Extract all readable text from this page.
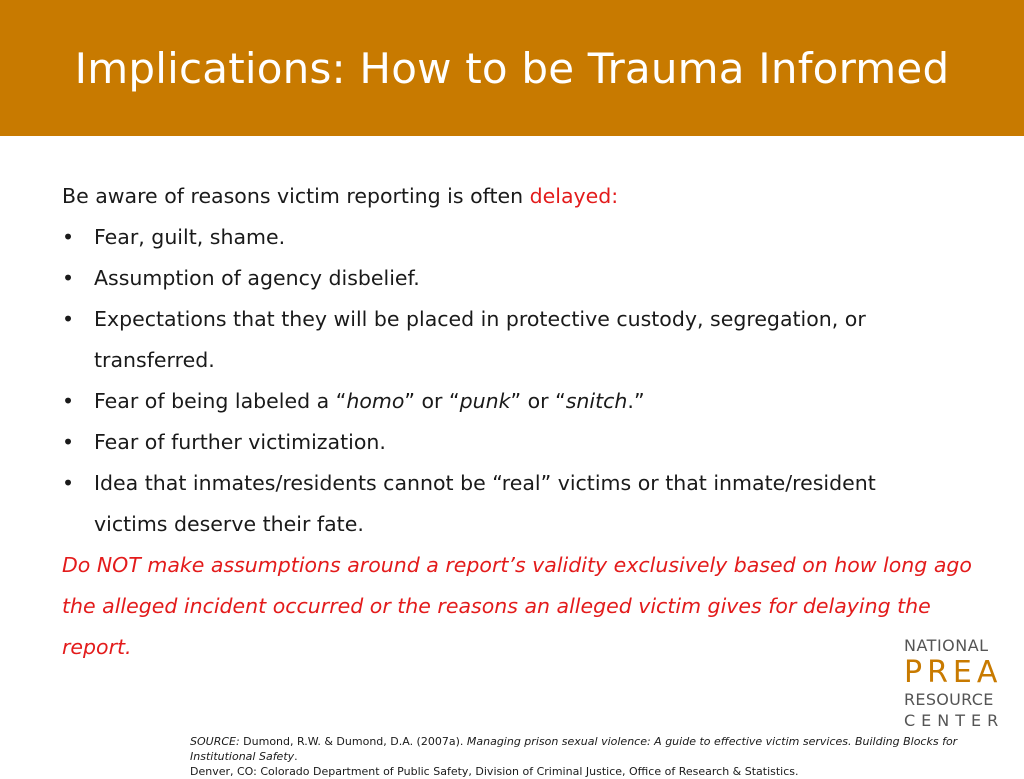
Implications: How to be Trauma Informed
Be aware of reasons victim reporting is often delayed:
• Fear, guilt, shame.
• Assumption of agency disbelief.
• Expectations that they will be placed in protective custody, segregation, or
transferred.
• Fear of being labeled a “homo” or “punk” or “snitch.”
• Fear of further victimization.
• Idea that inmates/residents cannot be “real” victims or that inmate/resident
victims deserve their fate.
Do NOT make assumptions around a report’s validity exclusively based on how long ago
the alleged incident occurred or the reasons an alleged victim gives for delaying the
report.	NATIONAL
PREA
RESOURCE
CENTER
SOURCE: Dumond, R.W. & Dumond, D.A. (2007a). Managing prison sexual violence: A guide to effective victim services. Building Blocks for Institutional Safety.
Denver, CO: Colorado Department of Public Safety, Division of Criminal Justice, Office of Research & Statistics.
